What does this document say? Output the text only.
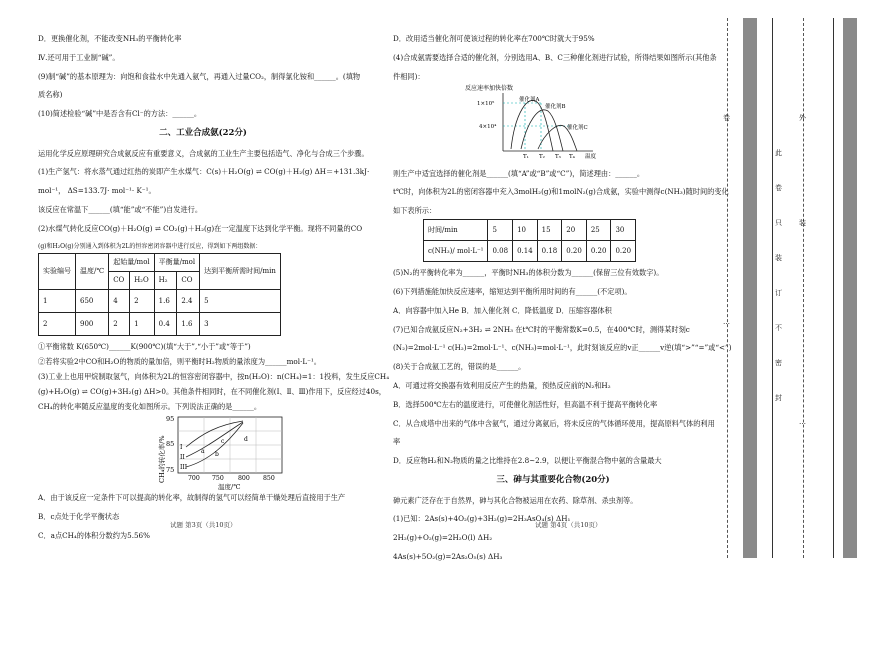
D．更换催化剂，不能改变NH₃的平衡转化率

Ⅳ.还可用于工业制“碱”。

(9)制“碱”的基本原理为：向饱和食盐水中先通入氨气，再通入过量CO₂，制得氯化铵和______。(填物

质名称)

(10)简述检验“碱”中是否含有Cl⁻的方法：______。

二、工业合成氨(22分)

运用化学反应原理研究合成氨反应有重要意义，合成氨的工业生产主要包括造气、净化与合成三个步骤。

(1)生产氢气：将水蒸气通过红热的炭即产生水煤气：C(s)＋H₂O(g) ⇌ CO(g)＋H₂(g) ΔH＝+131.3kJ·

mol⁻¹， ΔS=133.7J· mol⁻¹· K⁻¹。

该反应在常温下______(填“能”或“不能”)自发进行。

(2)水煤气转化反应CO(g)＋H₂O(g) ⇌ CO₂(g)＋H₂(g)在一定温度下达到化学平衡。现将不同量的CO

(g)和H₂O(g)分别通入到体积为2L的恒容密闭容器中进行反应，得到如下两组数据：

实验编号	温度/℃	起始量/mol		平衡量/mol		达到平衡所需时间/min
		CO	H₂O	H₂	CO	
1	650	4	2	1.6	2.4	5
2	900	2	1	0.4	1.6	3

①平衡常数 K(650℃)______K(900℃)(填“大于”,“小于”或“等于”)

②若将实验2中CO和H₂O的物质的量加倍，则平衡时H₂物质的量浓度为______mol·L⁻¹。

(3)工业上也用甲烷制取氢气，向体积为2L的恒容密闭容器中，按n(H₂O)：n(CH₄)=1：1投料，发生反应CH₄

(g)+H₂O(g) ⇌ CO(g)+3H₂(g) ΔH>0。其他条件相同时，在不同催化剂(Ⅰ、Ⅱ、Ⅲ)作用下，反应经过40s，

CH₄的转化率随反应温度的变化如图所示。下列说法正确的是______。

CH₄的转化率/%
95
85
75
I
II
III
a b
c	d
700 750 800 850
温度/℃

A．由于该反应一定条件下可以提高的转化率，故制得的氢气可以经简单干燥处理后直接用于生产

B．c点处于化学平衡状态

C．a点CH₄的体积分数约为5.56%

试题 第3页（共10页）

D．改用适当催化剂可使该过程的转化率在700℃时就大于95%

(4)合成氨需要选择合适的催化剂，分别选用A、B、C三种催化剂进行试验，所得结果如图所示(其他条

件相同)：

反应速率加快倍数
1×10⁵
4×10⁴
催化剂A
催化剂B
催化剂C
T₁ T₂ T₃ T₄ 温度

则生产中适宜选择的催化剂是______(填“A”或“B”或“C”)，简述理由：______。

t℃时，向体积为2L的密闭容器中充入3molH₂(g)和1molN₂(g)合成氨，实验中测得c(NH₃)随时间的变化

如下表所示：

时间/min	5	10	15	20	25	30
c(NH₃)/ mol·L⁻¹	0.08	0.14	0.18	0.20	0.20	0.20

(5)N₂的平衡转化率为______，平衡时NH₃的体积分数为______(保留三位有效数字)。

(6)下列措施能加快反应速率，缩短达到平衡所用时间的有______(不定项)。

A．向容器中加入He B．加入催化剂 C．降低温度 D．压缩容器体积

(7)已知合成氨反应N₂+3H₂ ⇌ 2NH₃ 在t℃时的平衡常数K=0.5，在400℃时，测得某时刻c

(N₂)=2mol·L⁻¹ c(H₂)=2mol·L⁻¹、c(NH₃)=mol·L⁻¹，此时刻该反应的v正______v逆(填“>”“=”或“<”)

(8)关于合成氨工艺的，错误的是______。

A．可通过将交换器有效利用反应产生的热量，预热反应前的N₂和H₂

B．选择500℃左右的温度进行，可使催化剂活性好，但高温不利于提高平衡转化率

C．从合成塔中出来的气体中含氨气，通过分离氨后，将未反应的气体循环使用，提高原料气体的利用

率

D．反应物H₂和N₂物质的量之比维持在2.8~2.9，以便让平衡混合物中氨的含量最大

三、砷与其重要化合物(20分)

砷元素广泛存在于自然界，砷与其化合物被运用在农药、除草剂、杀虫剂等。

(1)已知：2As(s)+4O₂(g)+3H₂(g)=2H₃AsO₄(s) ΔH₁

2H₂(g)+O₂(g)=2H₂O(l) ΔH₂

4As(s)+5O₂(g)=2As₂O₅(s) ΔH₃

试题 第4页（共10页）
卷	外
装
此
卷
只
装
订
不
密
封
…
…
